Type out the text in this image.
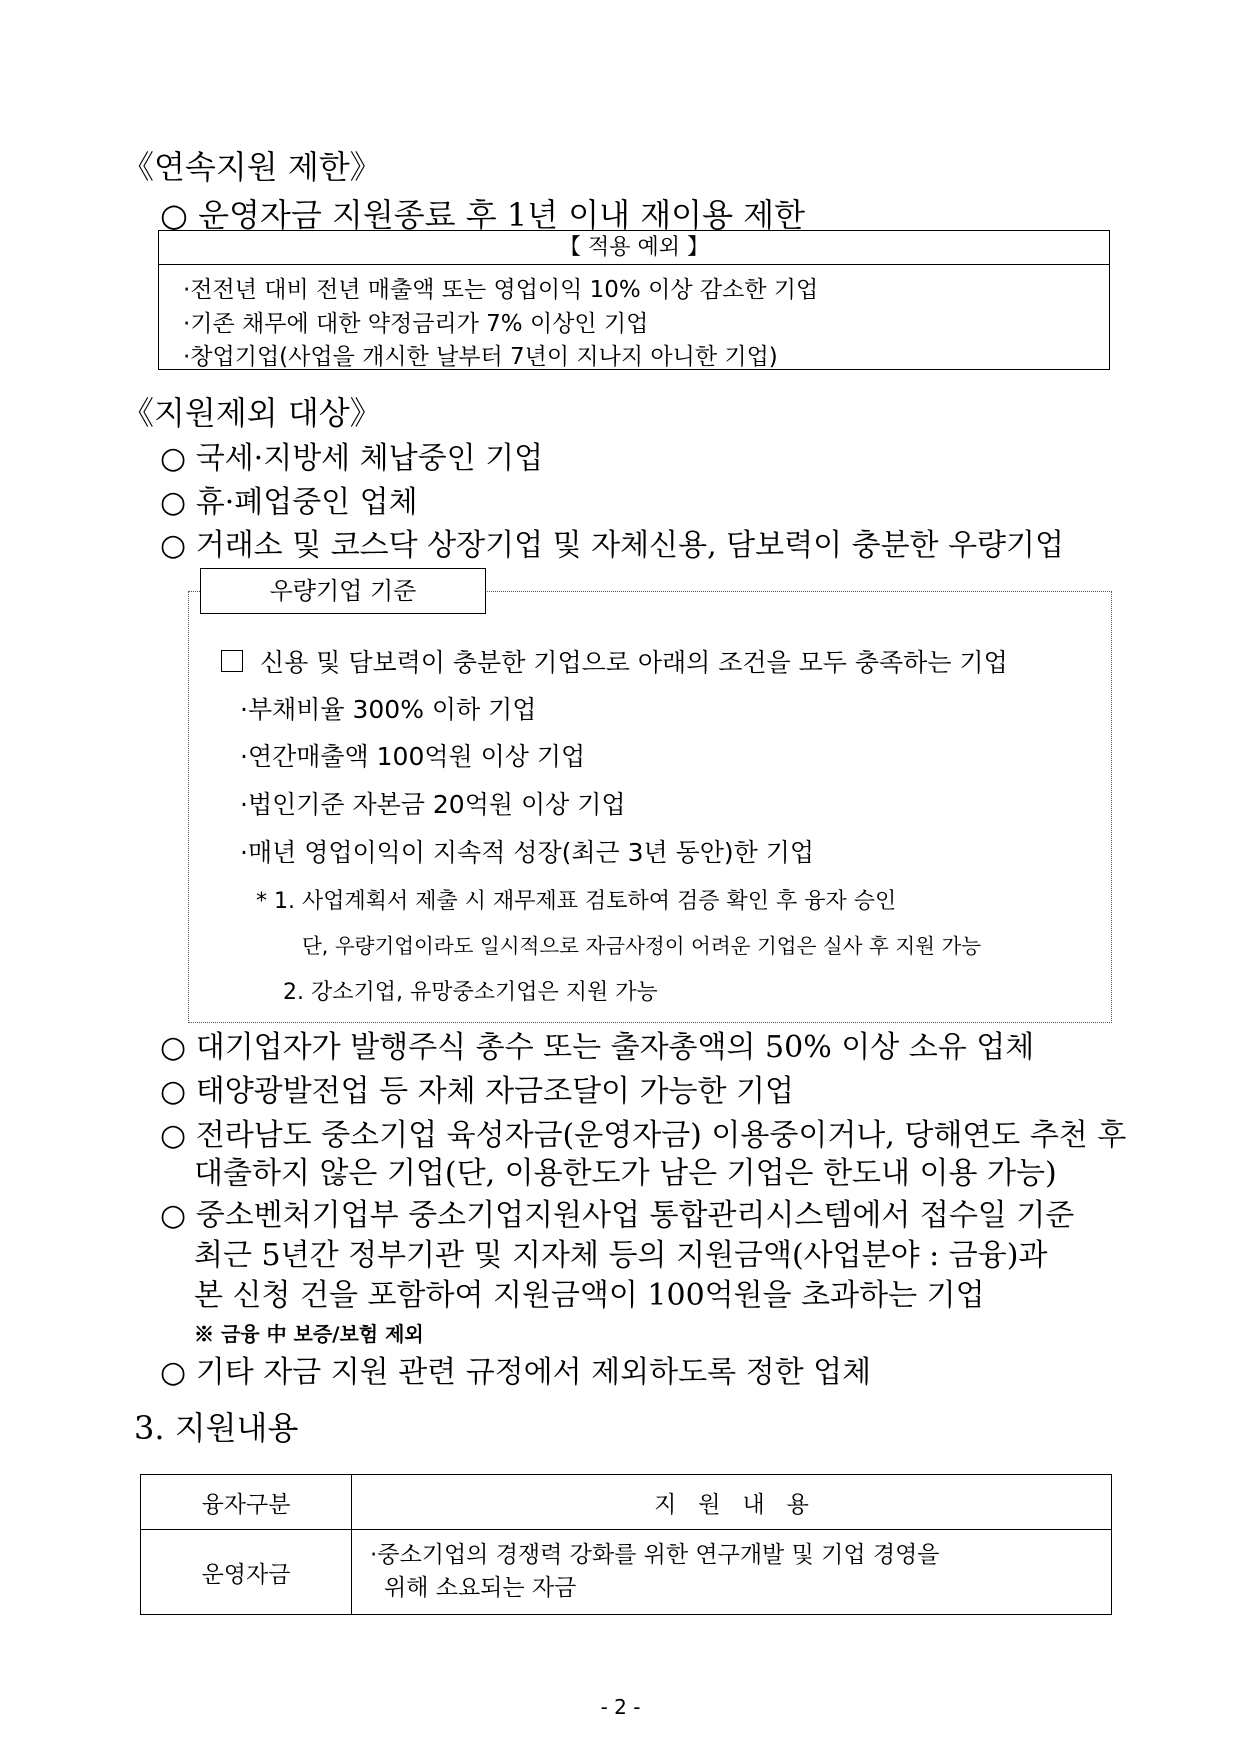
《연속지원 제한》
○ 운영자금 지원종료 후 1년 이내 재이용 제한
【 적용 예외 】
·전전년 대비 전년 매출액 또는 영업이익 10% 이상 감소한 기업
·기존 채무에 대한 약정금리가 7% 이상인 기업
·창업기업(사업을 개시한 날부터 7년이 지나지 아니한 기업)
《지원제외 대상》
○ 국세·지방세 체납중인 기업
○ 휴·폐업중인 업체
○ 거래소 및 코스닥 상장기업 및 자체신용, 담보력이 충분한 우량기업
우량기업 기준
신용 및 담보력이 충분한 기업으로 아래의 조건을 모두 충족하는 기업
·부채비율 300% 이하 기업
·연간매출액 100억원 이상 기업
·법인기준 자본금 20억원 이상 기업
·매년 영업이익이 지속적 성장(최근 3년 동안)한 기업
* 1. 사업계획서 제출 시 재무제표 검토하여 검증 확인 후 융자 승인
단, 우량기업이라도 일시적으로 자금사정이 어려운 기업은 실사 후 지원 가능
2. 강소기업, 유망중소기업은 지원 가능
○ 대기업자가 발행주식 총수 또는 출자총액의 50% 이상 소유 업체
○ 태양광발전업 등 자체 자금조달이 가능한 기업
○ 전라남도 중소기업 육성자금(운영자금) 이용중이거나, 당해연도 추천 후
대출하지 않은 기업(단, 이용한도가 남은 기업은 한도내 이용 가능)
○ 중소벤처기업부 중소기업지원사업 통합관리시스템에서 접수일 기준
최근 5년간 정부기관 및 지자체 등의 지원금액(사업분야 : 금융)과
본 신청 건을 포함하여 지원금액이 100억원을 초과하는 기업
※ 금융 中 보증/보험 제외
○ 기타 자금 지원 관련 규정에서 제외하도록 정한 업체
3. 지원내용
융자구분	지   원   내   용
운영자금	·중소기업의 경쟁력 강화를 위한 연구개발 및 기업 경영을
위해 소요되는 자금
- 2 -
